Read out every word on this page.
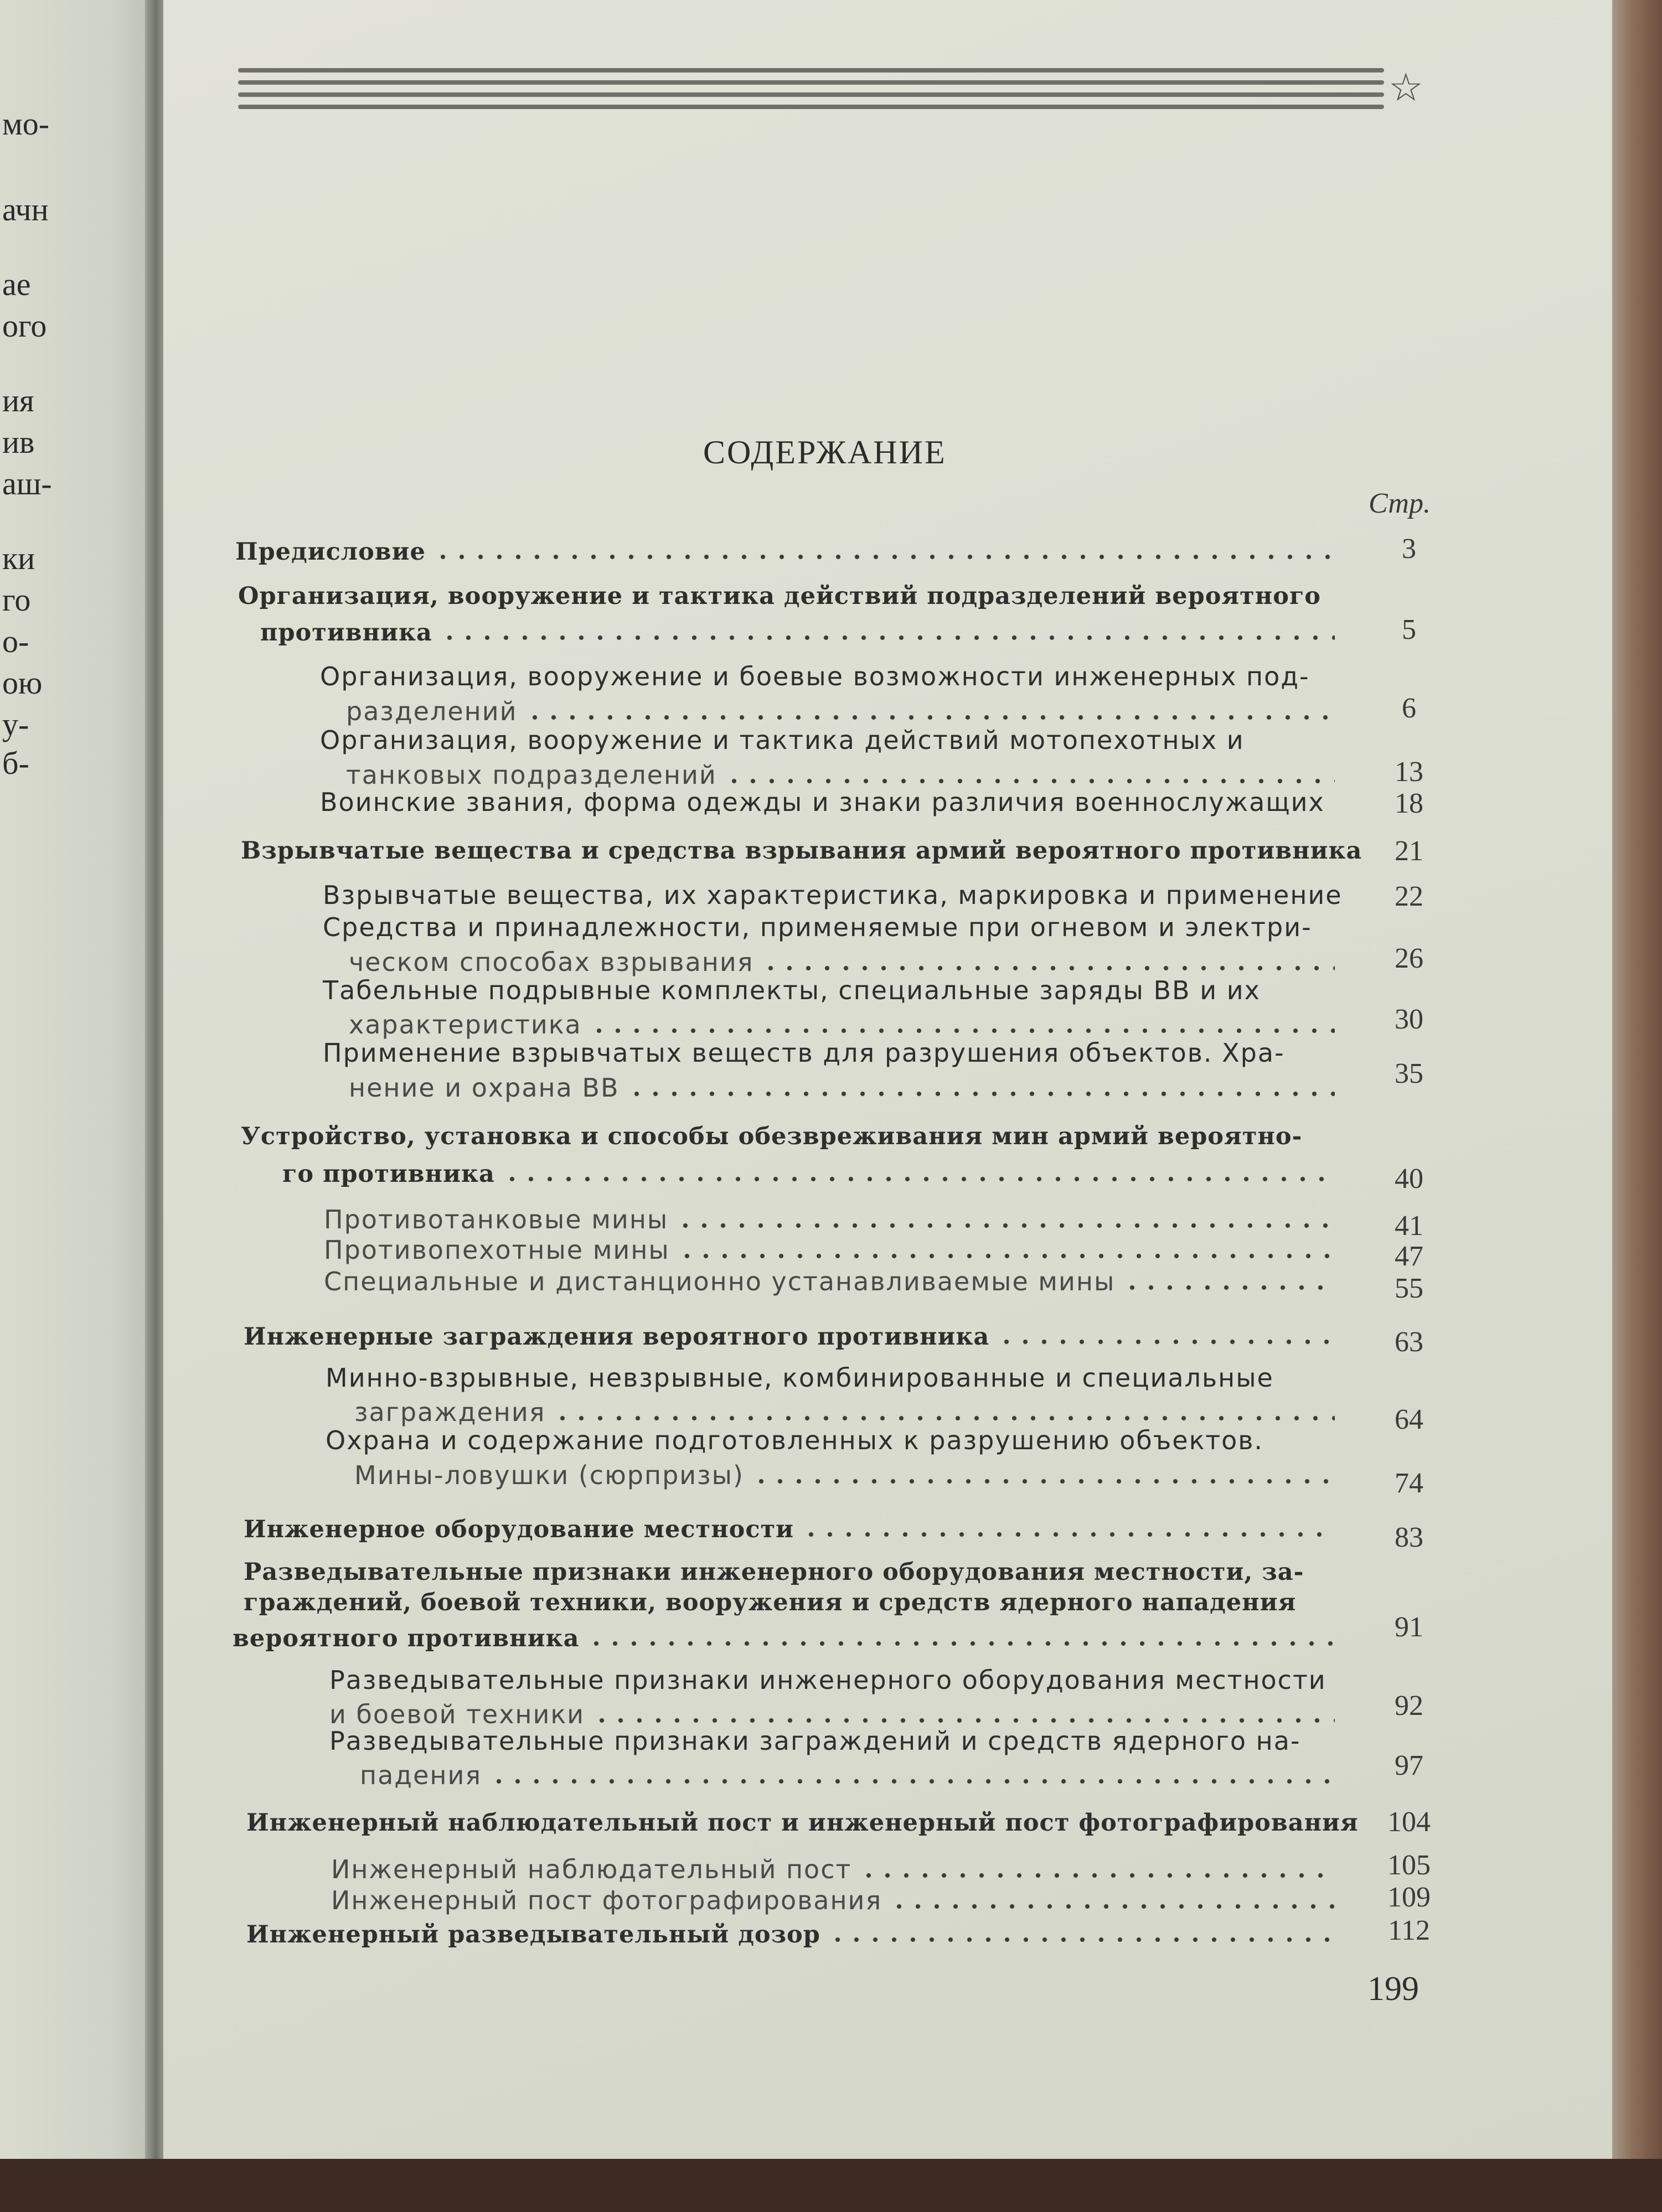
мо-
ачн
ае
ого
ия
ив
аш-
ки
го
о-
ою
у-
б-
☆
СОДЕРЖАНИЕ
Стр.
Предисловие	3
Организация, вооружение и тактика действий подразделений вероятного
противника	5
Организация, вооружение и боевые возможности инженерных под-
разделений	6
Организация, вооружение и тактика действий мотопехотных и
танковых подразделений	13
Воинские звания, форма одежды и знаки различия военнослужащих	18
Взрывчатые вещества и средства взрывания армий вероятного противника	21
Взрывчатые вещества, их характеристика, маркировка и применение	22
Средства и принадлежности, применяемые при огневом и электри-
ческом способах взрывания	26
Табельные подрывные комплекты, специальные заряды ВВ и их
характеристика	30
Применение взрывчатых веществ для разрушения объектов. Хра-
нение и охрана ВВ	35
Устройство, установка и способы обезвреживания мин армий вероятно-
го противника	40
Противотанковые мины	41
Противопехотные мины	47
Специальные и дистанционно устанавливаемые мины	55
Инженерные заграждения вероятного противника	63
Минно-взрывные, невзрывные, комбинированные и специальные
заграждения	64
Охрана и содержание подготовленных к разрушению объектов.
Мины-ловушки (сюрпризы)	74
Инженерное оборудование местности	83
Разведывательные признаки инженерного оборудования местности, за-
граждений, боевой техники, вооружения и средств ядерного нападения
вероятного противника	91
Разведывательные признаки инженерного оборудования местности
и боевой техники	92
Разведывательные признаки заграждений и средств ядерного на-
падения	97
Инженерный наблюдательный пост и инженерный пост фотографирования	104
Инженерный наблюдательный пост	105
Инженерный пост фотографирования	109
Инженерный разведывательный дозор	112
199
